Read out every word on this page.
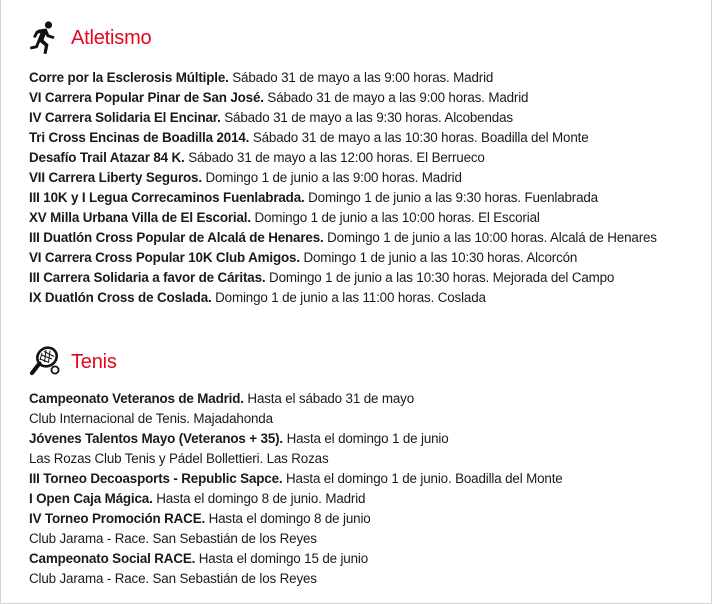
Atletismo
Corre por la Esclerosis Múltiple. Sábado 31 de mayo a las 9:00 horas. Madrid
VI Carrera Popular Pinar de San José. Sábado 31 de mayo a las 9:00 horas. Madrid
IV Carrera Solidaria El Encinar. Sábado 31 de mayo a las 9:30 horas. Alcobendas
Tri Cross Encinas de Boadilla 2014. Sábado 31 de mayo a las 10:30 horas. Boadilla del Monte
Desafío Trail Atazar 84 K. Sábado 31 de mayo a las 12:00 horas. El Berrueco
VII Carrera Liberty Seguros. Domingo 1 de junio a las 9:00 horas. Madrid
III 10K y I Legua Correcaminos Fuenlabrada. Domingo 1 de junio a las 9:30 horas. Fuenlabrada
XV Milla Urbana Villa de El Escorial. Domingo 1 de junio a las 10:00 horas. El Escorial
III Duatlón Cross Popular de Alcalá de Henares. Domingo 1 de junio a las 10:00 horas. Alcalá de Henares
VI Carrera Cross Popular 10K Club Amigos. Domingo 1 de junio a las 10:30 horas. Alcorcón
III Carrera Solidaria a favor de Cáritas. Domingo 1 de junio a las 10:30 horas. Mejorada del Campo
IX Duatlón Cross de Coslada. Domingo 1 de junio a las 11:00 horas. Coslada
Tenis
Campeonato Veteranos de Madrid. Hasta el sábado 31 de mayo
Club Internacional de Tenis. Majadahonda
Jóvenes Talentos Mayo (Veteranos + 35). Hasta el domingo 1 de junio
Las Rozas Club Tenis y Pádel Bollettieri. Las Rozas
III Torneo Decoasports - Republic Sapce. Hasta el domingo 1 de junio. Boadilla del Monte
I Open Caja Mágica. Hasta el domingo 8 de junio. Madrid
IV Torneo Promoción RACE. Hasta el domingo 8 de junio
Club Jarama - Race. San Sebastián de los Reyes
Campeonato Social RACE. Hasta el domingo 15 de junio
Club Jarama - Race. San Sebastián de los Reyes
